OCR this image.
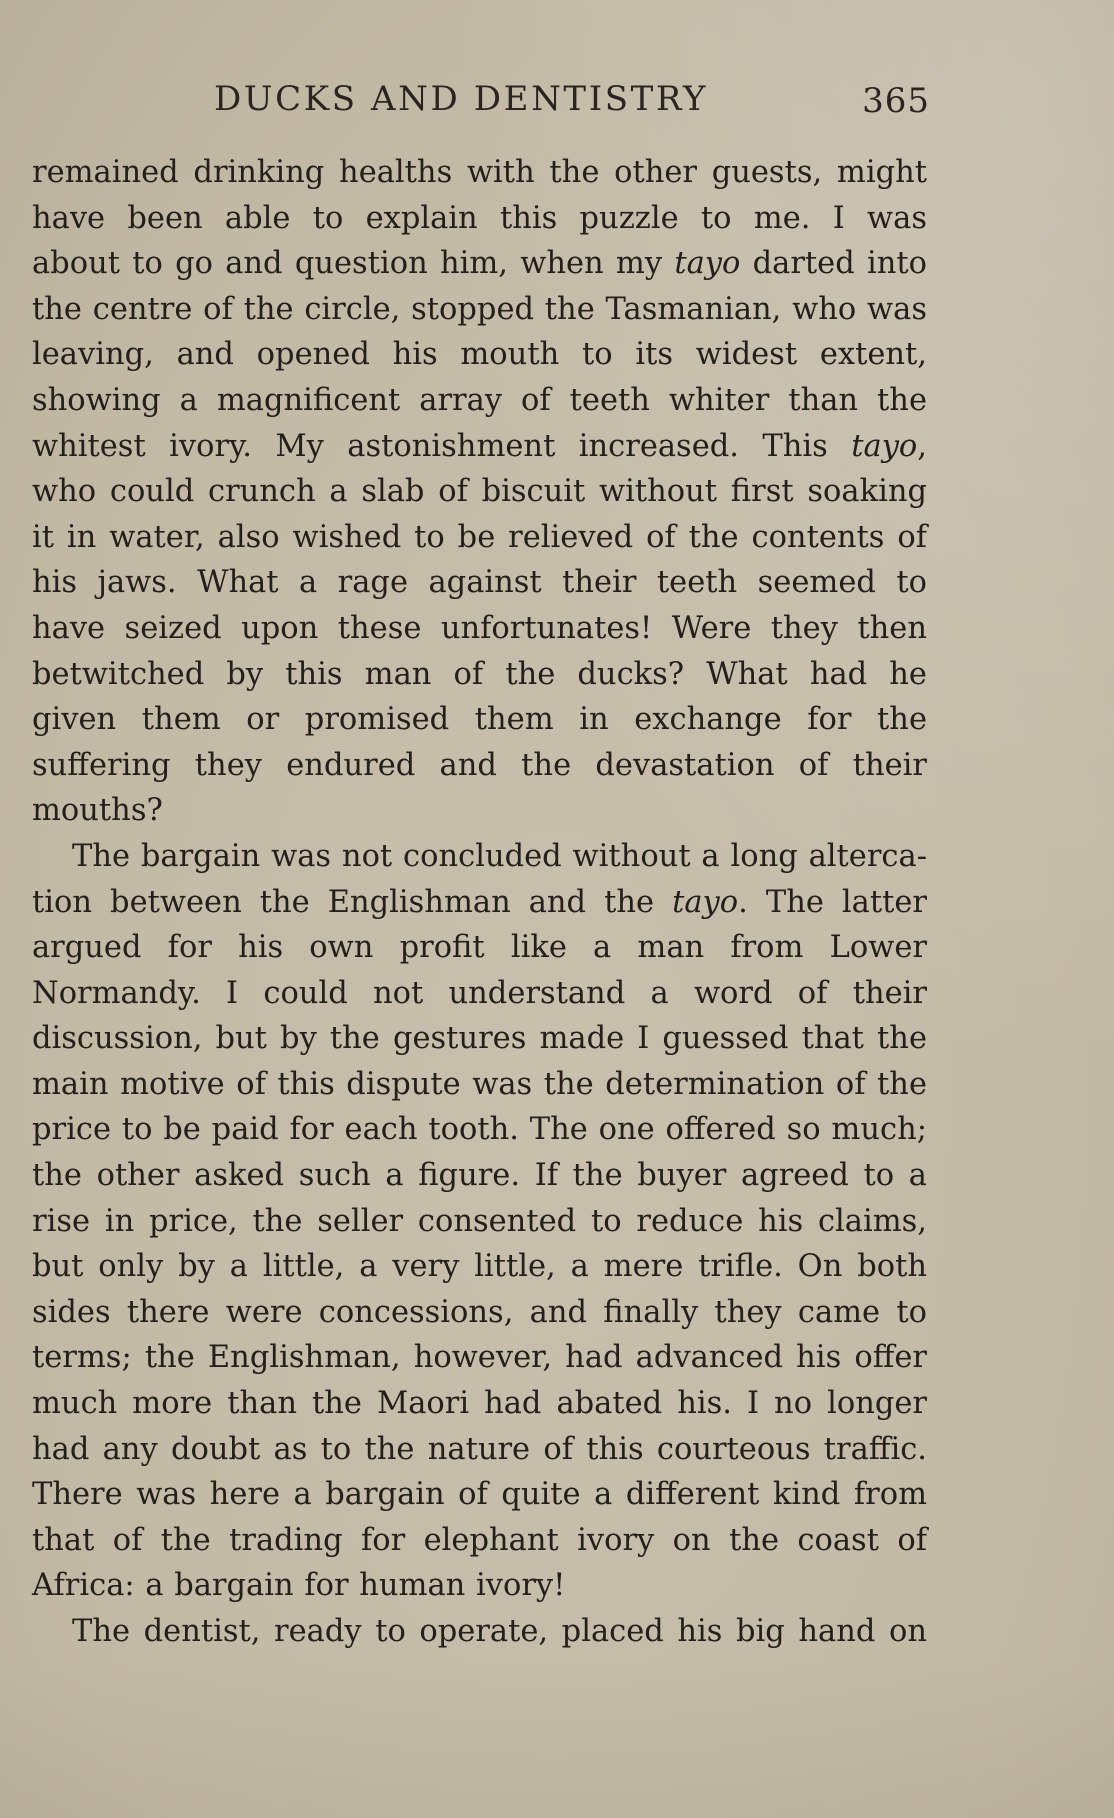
DUCKS AND DENTISTRY	365
remained drinking healths with the other guests, might
have been able to explain this puzzle to me. I was
about to go and question him, when my tayo darted into
the centre of the circle, stopped the Tasmanian, who was
leaving, and opened his mouth to its widest extent,
showing a magnificent array of teeth whiter than the
whitest ivory. My astonishment increased. This tayo,
who could crunch a slab of biscuit without first soaking
it in water, also wished to be relieved of the contents of
his jaws. What a rage against their teeth seemed to
have seized upon these unfortunates! Were they then
betwitched by this man of the ducks? What had he
given them or promised them in exchange for the
suffering they endured and the devastation of their
mouths?
The bargain was not concluded without a long alterca-
tion between the Englishman and the tayo. The latter
argued for his own profit like a man from Lower
Normandy. I could not understand a word of their
discussion, but by the gestures made I guessed that the
main motive of this dispute was the determination of the
price to be paid for each tooth. The one offered so much;
the other asked such a figure. If the buyer agreed to a
rise in price, the seller consented to reduce his claims,
but only by a little, a very little, a mere trifle. On both
sides there were concessions, and finally they came to
terms; the Englishman, however, had advanced his offer
much more than the Maori had abated his. I no longer
had any doubt as to the nature of this courteous traffic.
There was here a bargain of quite a different kind from
that of the trading for elephant ivory on the coast of
Africa: a bargain for human ivory!
The dentist, ready to operate, placed his big hand on
